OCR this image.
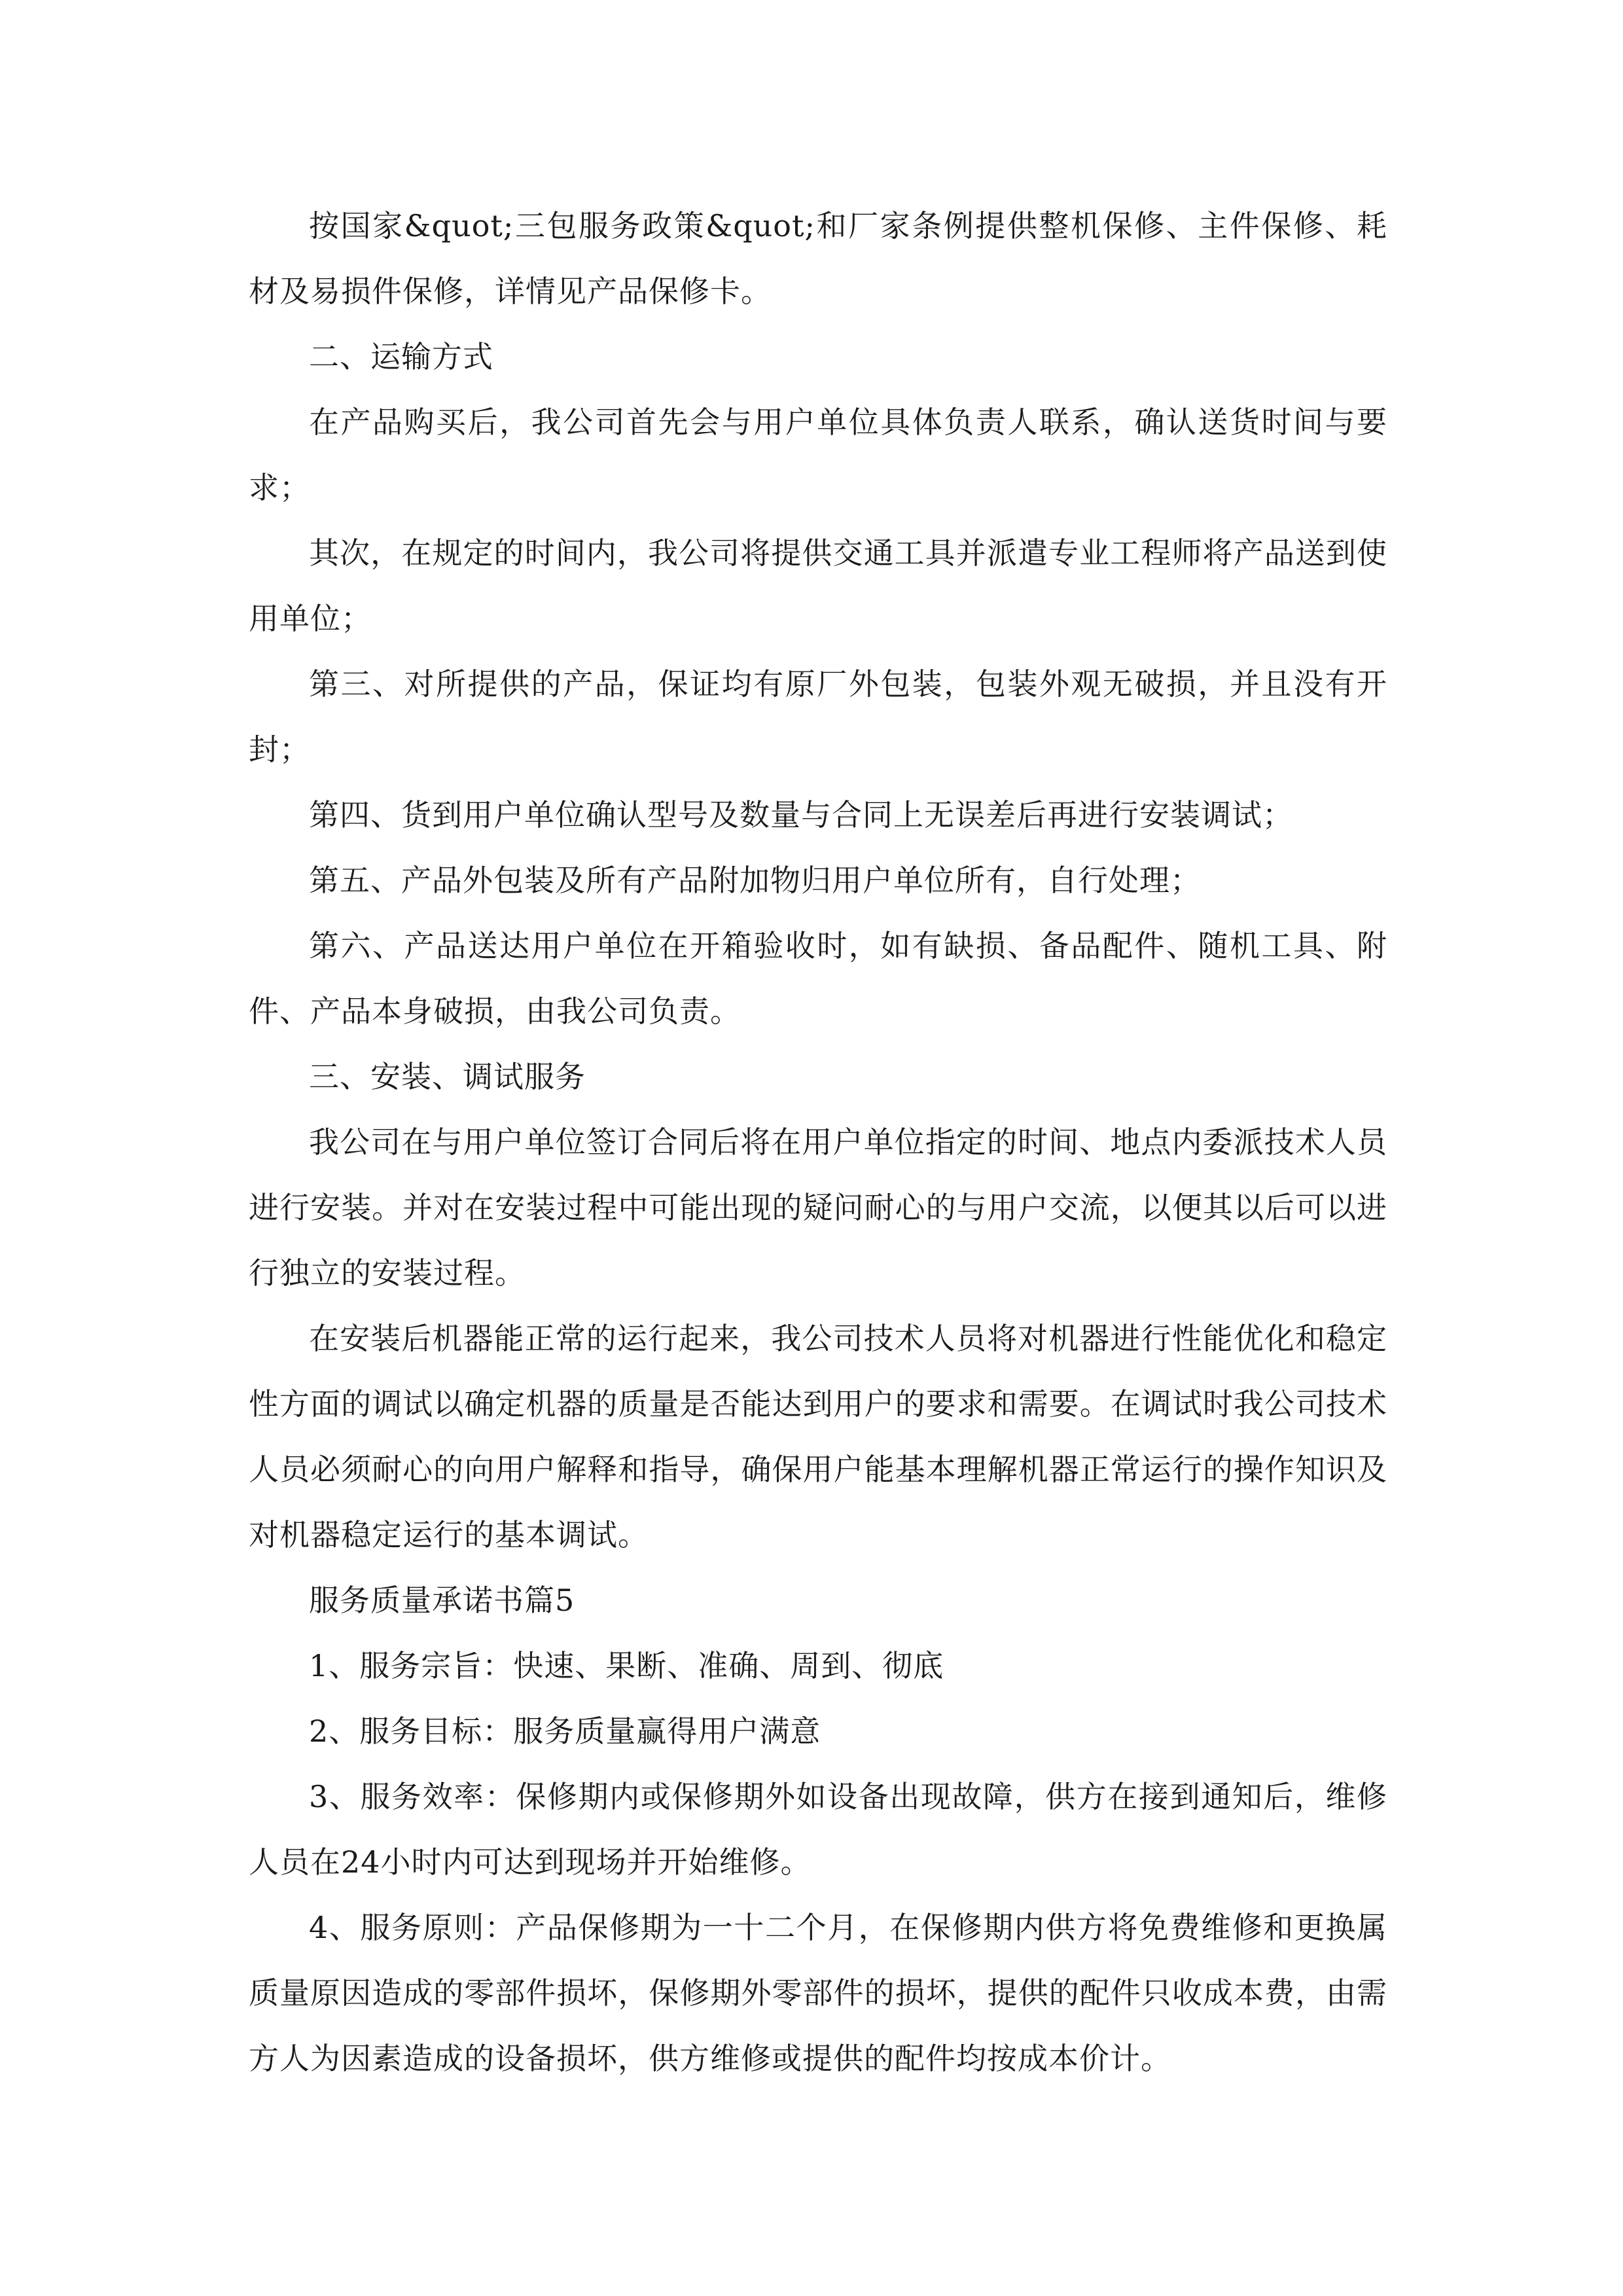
按国家&quot;三包服务政策&quot;和厂家条例提供整机保修、主件保修、耗材及易损件保修，详情见产品保修卡。

二、运输方式

在产品购买后，我公司首先会与用户单位具体负责人联系，确认送货时间与要求；

其次，在规定的时间内，我公司将提供交通工具并派遣专业工程师将产品送到使用单位；

第三、对所提供的产品，保证均有原厂外包装，包装外观无破损，并且没有开封；

第四、货到用户单位确认型号及数量与合同上无误差后再进行安装调试；

第五、产品外包装及所有产品附加物归用户单位所有，自行处理；

第六、产品送达用户单位在开箱验收时，如有缺损、备品配件、随机工具、附件、产品本身破损，由我公司负责。

三、安装、调试服务

我公司在与用户单位签订合同后将在用户单位指定的时间、地点内委派技术人员进行安装。并对在安装过程中可能出现的疑问耐心的与用户交流，以便其以后可以进行独立的安装过程。

在安装后机器能正常的运行起来，我公司技术人员将对机器进行性能优化和稳定性方面的调试以确定机器的质量是否能达到用户的要求和需要。在调试时我公司技术人员必须耐心的向用户解释和指导，确保用户能基本理解机器正常运行的操作知识及对机器稳定运行的基本调试。

服务质量承诺书篇5

1、服务宗旨：快速、果断、准确、周到、彻底

2、服务目标：服务质量赢得用户满意

3、服务效率：保修期内或保修期外如设备出现故障，供方在接到通知后，维修人员在24小时内可达到现场并开始维修。

4、服务原则：产品保修期为一十二个月，在保修期内供方将免费维修和更换属质量原因造成的零部件损坏，保修期外零部件的损坏，提供的配件只收成本费，由需方人为因素造成的设备损坏，供方维修或提供的配件均按成本价计。
